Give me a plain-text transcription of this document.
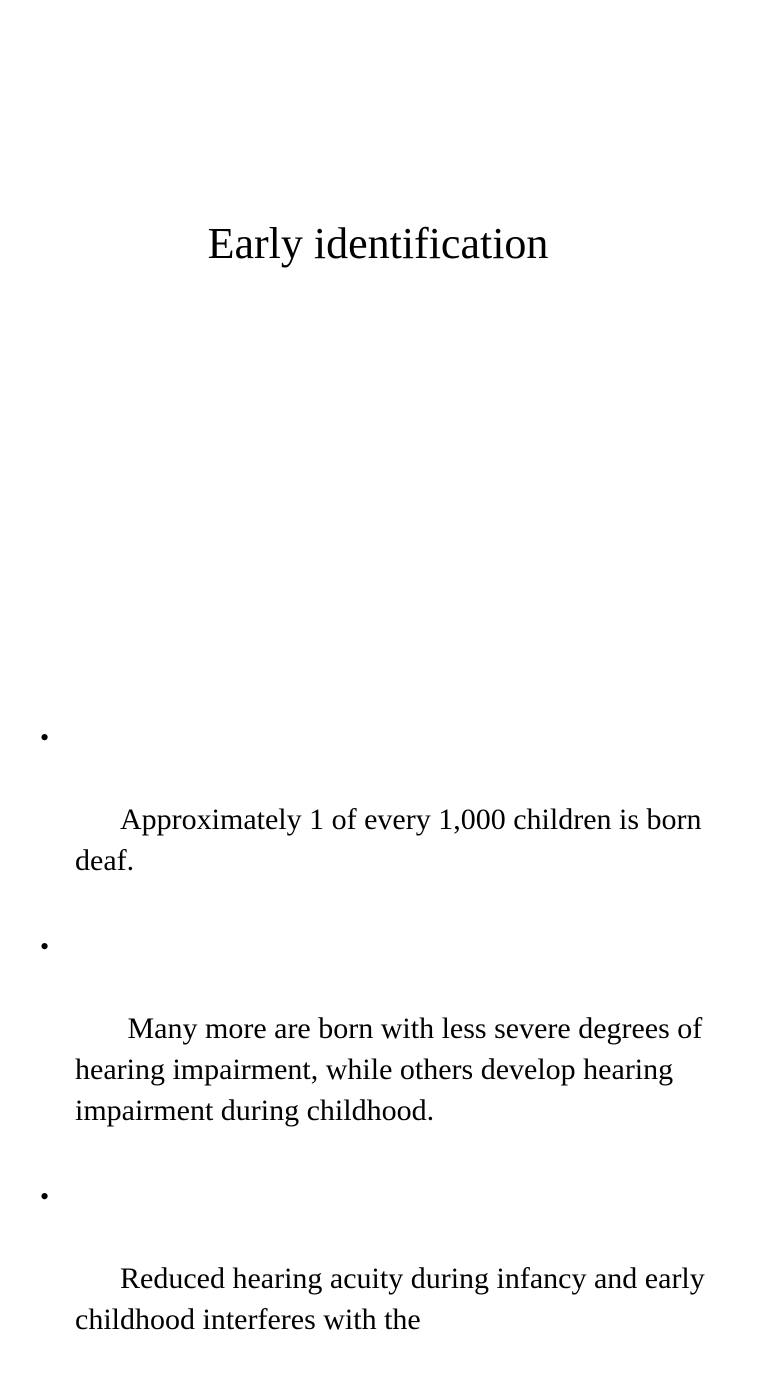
Early identification

•

Approximately 1 of every 1,000 children is born deaf.

•

Many more are born with less severe degrees of hearing impairment, while others develop hearing impairment during childhood.

•

Reduced hearing acuity during infancy and early childhood interferes with the
